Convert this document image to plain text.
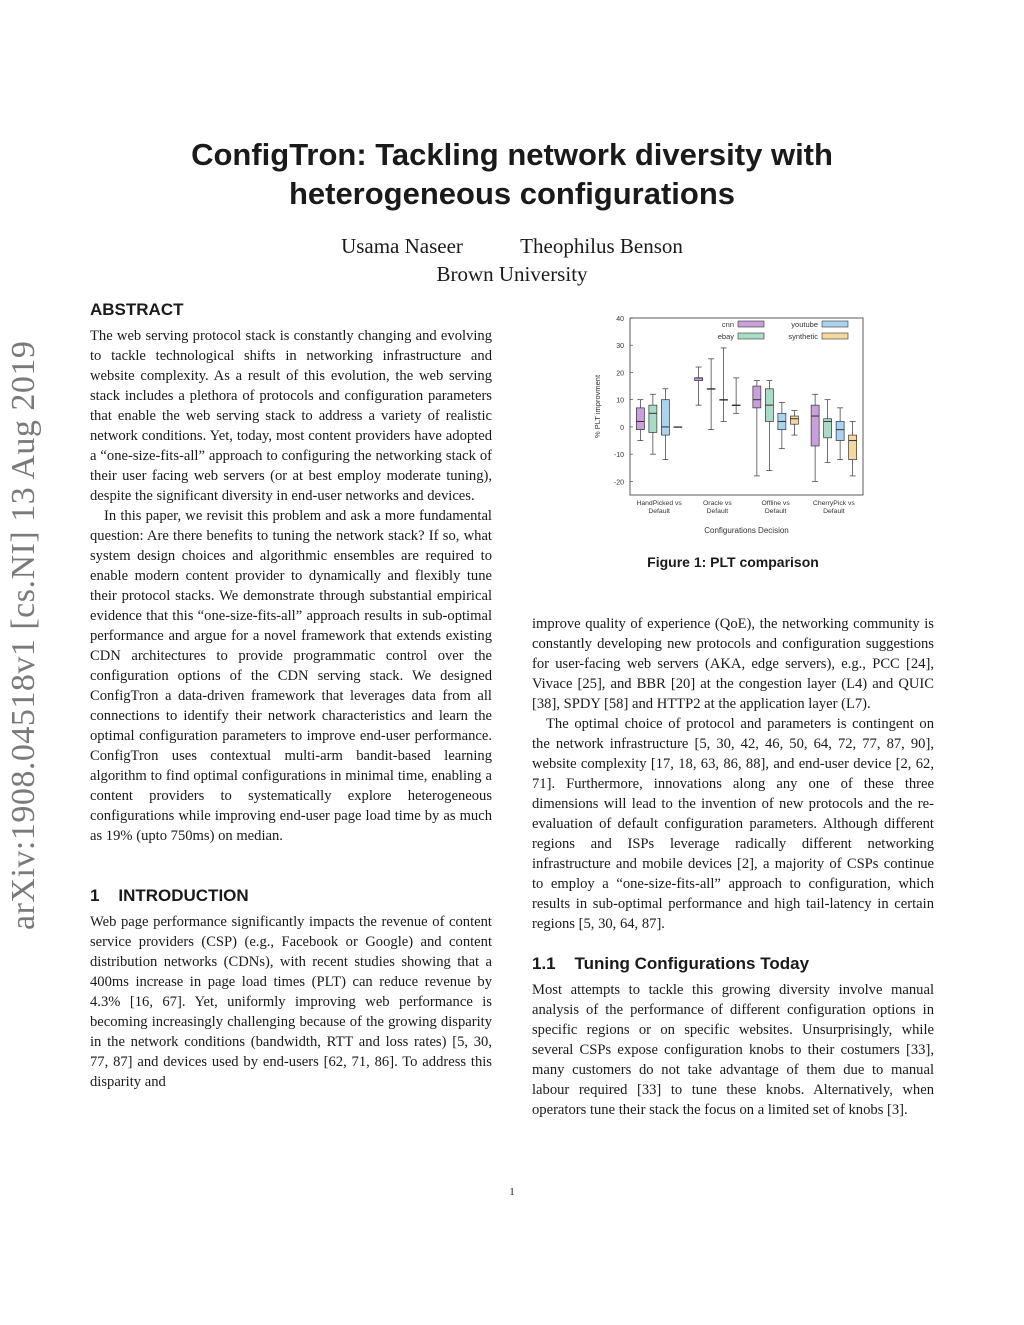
arXiv:1908.04518v1 [cs.NI] 13 Aug 2019
ConfigTron: Tackling network diversity with heterogeneous configurations
Usama Naseer	Theophilus Benson
Brown University
ABSTRACT

The web serving protocol stack is constantly changing and evolving to tackle technological shifts in networking infrastructure and website complexity. As a result of this evolution, the web serving stack includes a plethora of protocols and configuration parameters that enable the web serving stack to address a variety of realistic network conditions. Yet, today, most content providers have adopted a “one-size-fits-all” approach to configuring the networking stack of their user facing web servers (or at best employ moderate tuning), despite the significant diversity in end-user networks and devices.

In this paper, we revisit this problem and ask a more fundamental question: Are there benefits to tuning the network stack? If so, what system design choices and algorithmic ensembles are required to enable modern content provider to dynamically and flexibly tune their protocol stacks. We demonstrate through substantial empirical evidence that this “one-size-fits-all” approach results in sub-optimal performance and argue for a novel framework that extends existing CDN architectures to provide programmatic control over the configuration options of the CDN serving stack. We designed ConfigTron a data-driven framework that leverages data from all connections to identify their network characteristics and learn the optimal configuration parameters to improve end-user performance. ConfigTron uses contextual multi-arm bandit-based learning algorithm to find optimal configurations in minimal time, enabling a content providers to systematically explore heterogeneous configurations while improving end-user page load time by as much as 19% (upto 750ms) on median.

1    INTRODUCTION

Web page performance significantly impacts the revenue of content service providers (CSP) (e.g., Facebook or Google) and content distribution networks (CDNs), with recent studies showing that a 400ms increase in page load times (PLT) can reduce revenue by 4.3% [16, 67]. Yet, uniformly improving web performance is becoming increasingly challenging because of the growing disparity in the network conditions (bandwidth, RTT and loss rates) [5, 30, 77, 87] and devices used by end-users [62, 71, 86]. To address this disparity and

40
30
20
10
0
-10
-20
% PLT improvment
HandPicked vs Default
Oracle vs Default
Offline vs Default
CherryPick vs Default
Configurations Decision
cnn
ebay
youtube
synthetic
Figure 1: PLT comparison

improve quality of experience (QoE), the networking community is constantly developing new protocols and configuration suggestions for user-facing web servers (AKA, edge servers), e.g., PCC [24], Vivace [25], and BBR [20] at the congestion layer (L4) and QUIC [38], SPDY [58] and HTTP2 at the application layer (L7).

The optimal choice of protocol and parameters is contingent on the network infrastructure [5, 30, 42, 46, 50, 64, 72, 77, 87, 90], website complexity [17, 18, 63, 86, 88], and end-user device [2, 62, 71]. Furthermore, innovations along any one of these three dimensions will lead to the invention of new protocols and the re-evaluation of default configuration parameters. Although different regions and ISPs leverage radically different networking infrastructure and mobile devices [2], a majority of CSPs continue to employ a “one-size-fits-all” approach to configuration, which results in sub-optimal performance and high tail-latency in certain regions [5, 30, 64, 87].

1.1    Tuning Configurations Today

Most attempts to tackle this growing diversity involve manual analysis of the performance of different configuration options in specific regions or on specific websites. Unsurprisingly, while several CSPs expose configuration knobs to their costumers [33], many customers do not take advantage of them due to manual labour required [33] to tune these knobs. Alternatively, when operators tune their stack the focus on a limited set of knobs [3].

1
